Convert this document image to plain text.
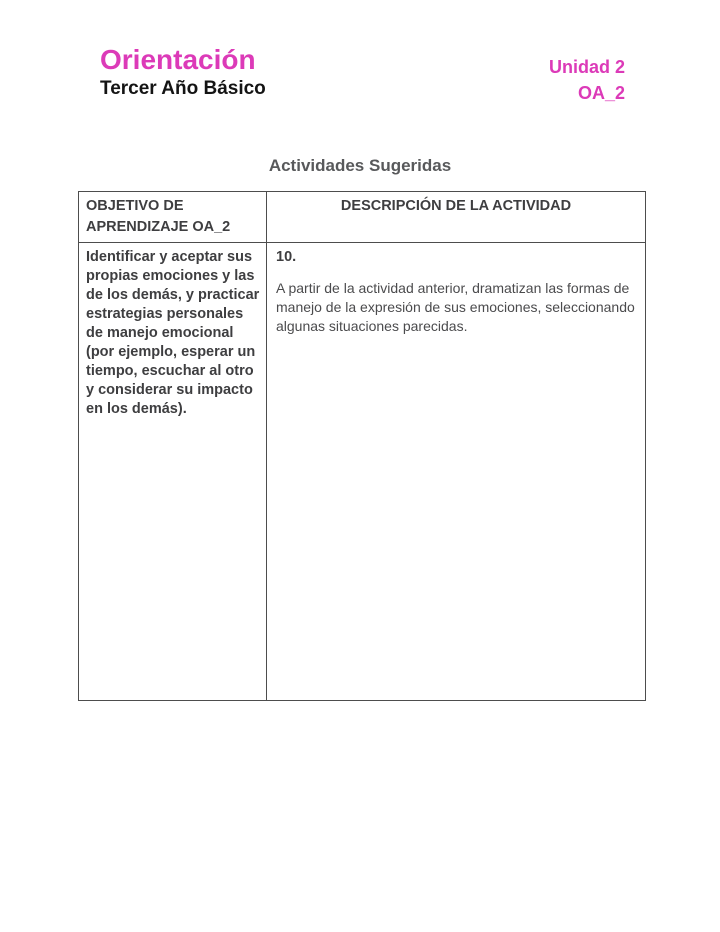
Orientación
Tercer Año Básico
Unidad 2
OA_2
Actividades Sugeridas
OBJETIVO DE APRENDIZAJE OA_2	DESCRIPCIÓN DE LA ACTIVIDAD
Identificar y aceptar sus propias emociones y las de los demás, y practicar estrategias personales de manejo emocional (por ejemplo, esperar un tiempo, escuchar al otro y considerar su impacto en los demás).	10.

A partir de la actividad anterior, dramatizan las formas de manejo de la expresión de sus emociones, seleccionando algunas situaciones parecidas.
